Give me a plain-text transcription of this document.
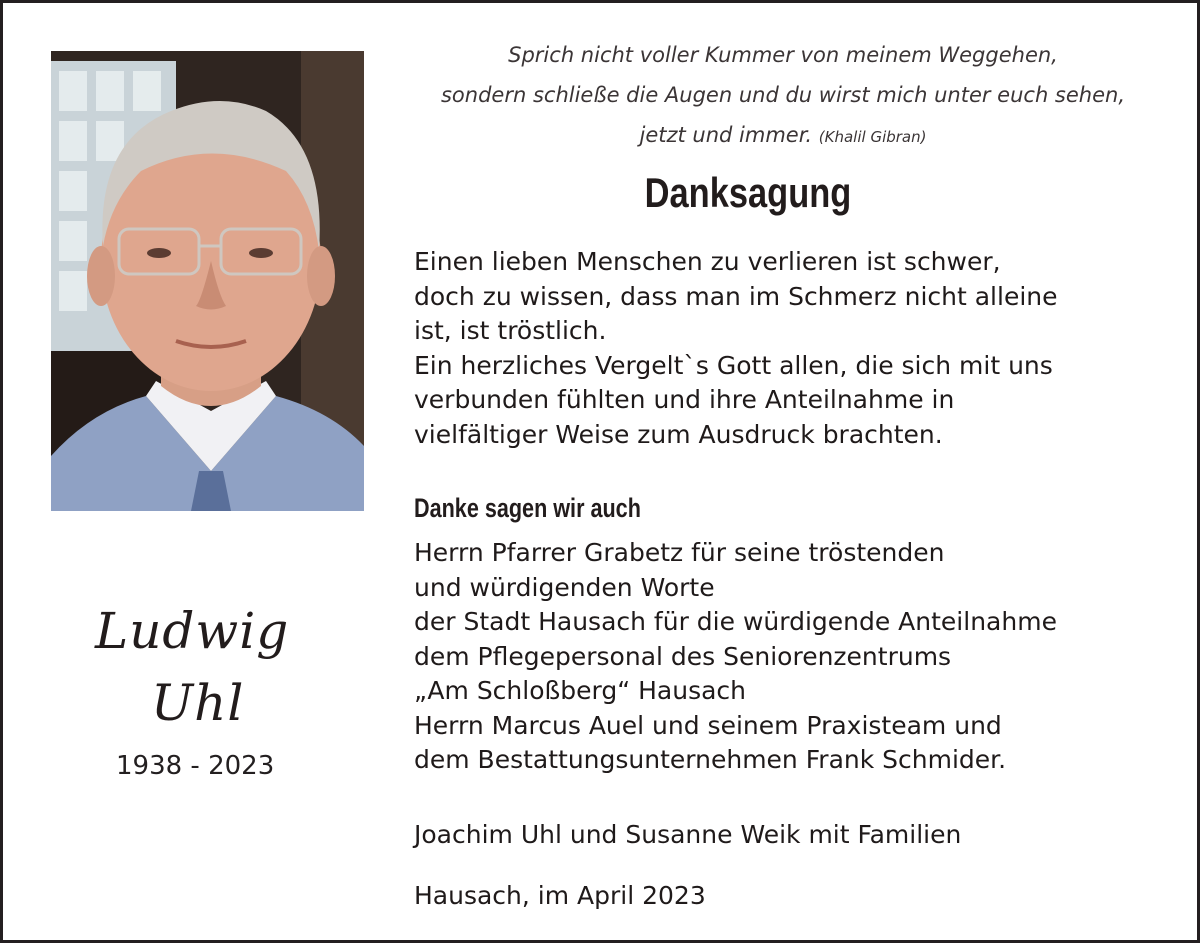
Ludwig
Uhl
1938 - 2023
Sprich nicht voller Kummer von meinem Weggehen,
sondern schließe die Augen und du wirst mich unter euch sehen,
jetzt und immer. (Khalil Gibran)
Danksagung
Einen lieben Menschen zu verlieren ist schwer,
doch zu wissen, dass man im Schmerz nicht alleine
ist, ist tröstlich.
Ein herzliches Vergelt`s Gott allen, die sich mit uns
verbunden fühlten und ihre Anteilnahme in
vielfältiger Weise zum Ausdruck brachten.
Danke sagen wir auch
Herrn Pfarrer Grabetz für seine tröstenden
und würdigenden Worte
der Stadt Hausach für die würdigende Anteilnahme
dem Pflegepersonal des Seniorenzentrums
„Am Schloßberg“ Hausach
Herrn Marcus Auel und seinem Praxisteam und
dem Bestattungsunternehmen Frank Schmider.
Joachim Uhl und Susanne Weik mit Familien
Hausach, im April 2023
